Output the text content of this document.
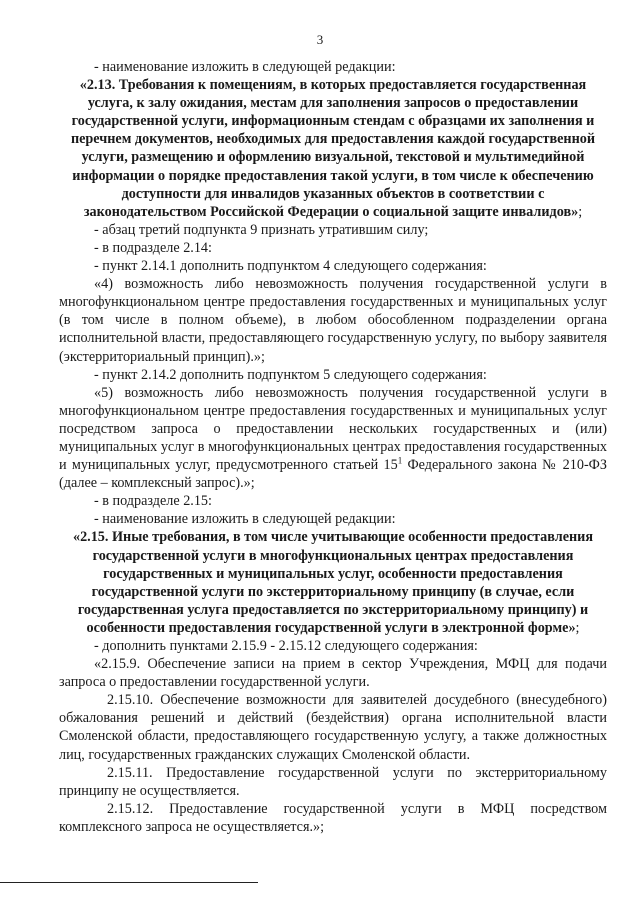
3

- наименование изложить в следующей редакции:

«2.13. Требования к помещениям, в которых предоставляется государственная услуга, к залу ожидания, местам для заполнения запросов о предоставлении государственной услуги, информационным стендам с образцами их заполнения и перечнем документов, необходимых для предоставления каждой государственной услуги, размещению и оформлению визуальной, текстовой и мультимедийной информации о порядке предоставления такой услуги, в том числе к обеспечению доступности для инвалидов указанных объектов в соответствии с законодательством Российской Федерации о социальной защите инвалидов»;

- абзац третий подпункта 9 признать утратившим силу;

- в подразделе 2.14:

- пункт 2.14.1 дополнить подпунктом 4 следующего содержания:

«4) возможность либо невозможность получения государственной услуги в многофункциональном центре предоставления государственных и муниципальных услуг (в том числе в полном объеме), в любом обособленном подразделении органа исполнительной власти, предоставляющего государственную услугу, по выбору заявителя (экстерриториальный принцип).»;

- пункт 2.14.2 дополнить подпунктом 5 следующего содержания:

«5) возможность либо невозможность получения государственной услуги в многофункциональном центре предоставления государственных и муниципальных услуг посредством запроса о предоставлении нескольких государственных и (или) муниципальных услуг в многофункциональных центрах предоставления государственных и муниципальных услуг, предусмотренного статьей $15^1$ Федерального закона № 210-ФЗ (далее – комплексный запрос).»;

- в подразделе 2.15:

- наименование изложить в следующей редакции:

«2.15. Иные требования, в том числе учитывающие особенности предоставления государственной услуги в многофункциональных центрах предоставления государственных и муниципальных услуг, особенности предоставления государственной услуги по экстерриториальному принципу (в случае, если государственная услуга предоставляется по экстерриториальному принципу) и особенности предоставления государственной услуги в электронной форме»;

- дополнить пунктами 2.15.9 - 2.15.12 следующего содержания:

«2.15.9. Обеспечение записи на прием в сектор Учреждения, МФЦ для подачи запроса о предоставлении государственной услуги.

2.15.10. Обеспечение возможности для заявителей досудебного (внесудебного) обжалования решений и действий (бездействия) органа исполнительной власти Смоленской области, предоставляющего государственную услугу, а также должностных лиц, государственных гражданских служащих Смоленской области.

2.15.11. Предоставление государственной услуги по экстерриториальному принципу не осуществляется.

2.15.12. Предоставление государственной услуги в МФЦ посредством комплексного запроса не осуществляется.»;
